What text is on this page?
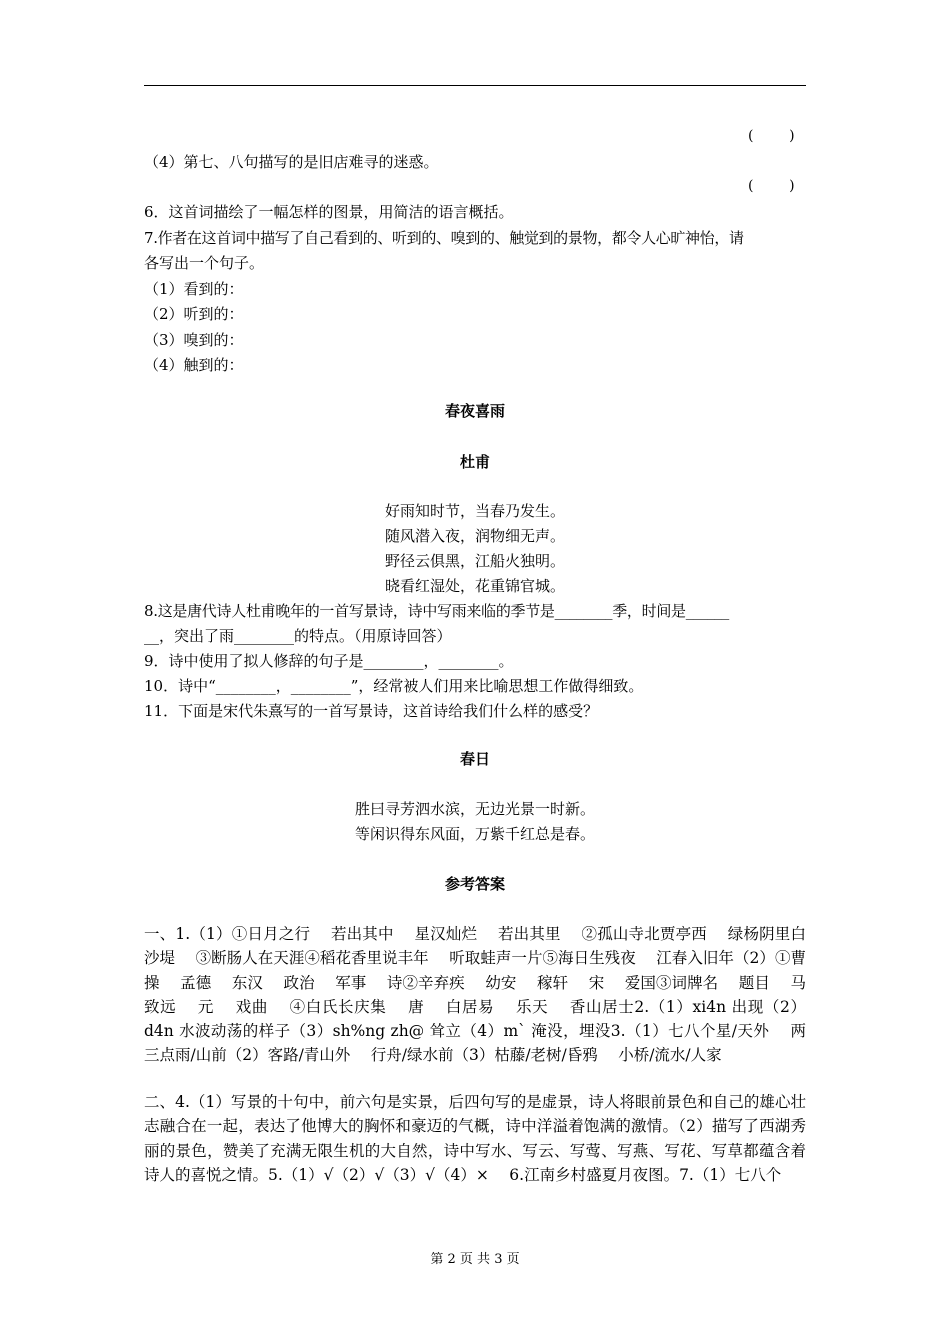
(        )
（4）第七、八句描写的是旧店难寻的迷惑。
(        )
6．这首词描绘了一幅怎样的图景，用简洁的语言概括。
7.作者在这首词中描写了自己看到的、听到的、嗅到的、触觉到的景物，都令人心旷神怡，请
各写出一个句子。
（1）看到的：
（2）听到的：
（3）嗅到的：
（4）触到的：
春夜喜雨
杜甫
好雨知时节，当春乃发生。
随风潜入夜，润物细无声。
野径云俱黑，江船火独明。
晓看红湿处，花重锦官城。
8.这是唐代诗人杜甫晚年的一首写景诗，诗中写雨来临的季节是________季，时间是______
__，突出了雨________的特点。（用原诗回答）
9．诗中使用了拟人修辞的句子是________，________。
10．诗中“________，________”，经常被人们用来比喻思想工作做得细致。
11．下面是宋代朱熹写的一首写景诗，这首诗给我们什么样的感受？
春日
胜曰寻芳泗水滨，无边光景一时新。
等闲识得东风面，万紫千红总是春。
参考答案
一、1.（1）①日月之行　 若出其中　 星汉灿烂　 若出其里　 ②孤山寺北贾亭西　 绿杨阴里白沙堤　 ③断肠人在天涯④稻花香里说丰年　 听取蛙声一片⑤海日生残夜　 江春入旧年（2）①曹操　 孟德　 东汉　 政治　 军事　 诗②辛弃疾　 幼安　 稼轩　 宋　 爱国③词牌名　 题目　 马致远　 元　 戏曲　 ④白氏长庆集　 唐　 白居易　 乐天　 香山居士2.（1）xi4n 出现（2）d4n 水波动荡的样子（3）sh%ng zh@ 耸立（4）m` 淹没，埋没3.（1）七八个星/天外　 两三点雨/山前（2）客路/青山外　 行舟/绿水前（3）枯藤/老树/昏鸦　 小桥/流水/人家
二、4.（1）写景的十句中，前六句是实景，后四句写的是虚景，诗人将眼前景色和自己的雄心壮志融合在一起，表达了他博大的胸怀和豪迈的气概，诗中洋溢着饱满的激情。（2）描写了西湖秀丽的景色，赞美了充满无限生机的大自然，诗中写水、写云、写莺、写燕、写花、写草都蕴含着诗人的喜悦之情。5.（1）√（2）√（3）√（4）×　 6.江南乡村盛夏月夜图。7.（1）七八个
第 2 页 共 3 页
